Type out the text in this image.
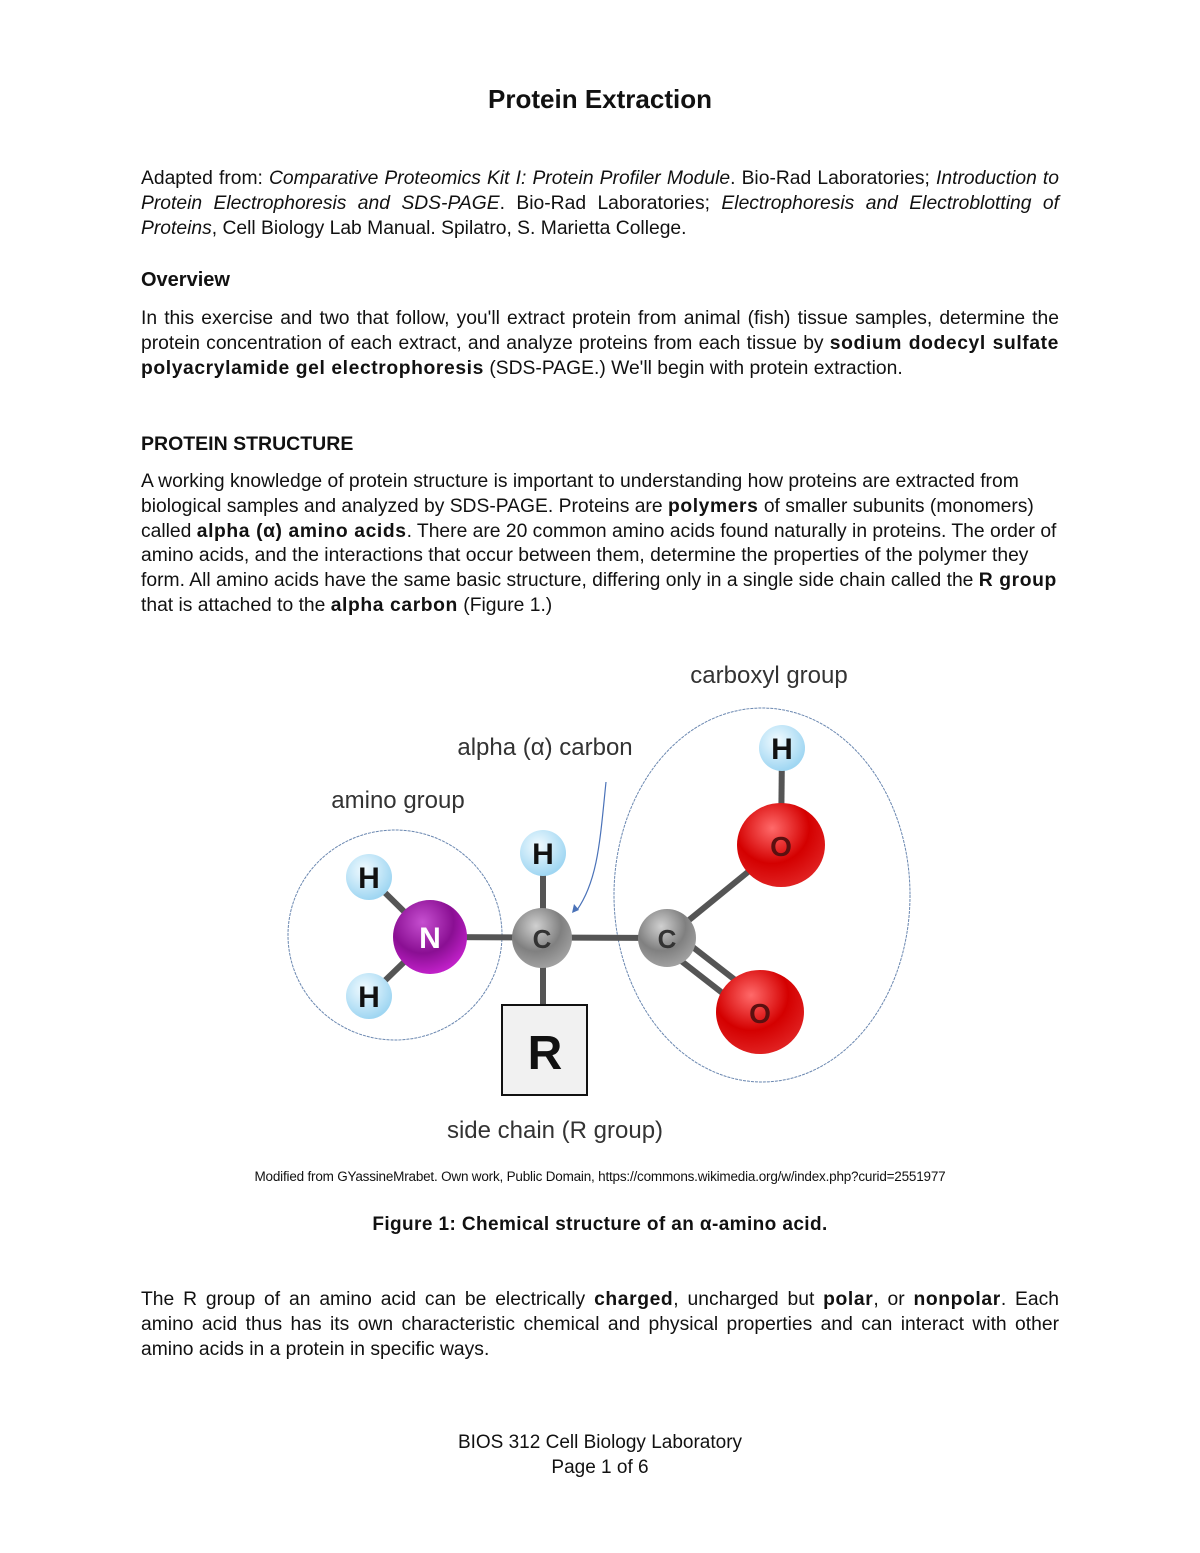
Protein Extraction
Adapted from: Comparative Proteomics Kit I: Protein Profiler Module. Bio-Rad Laboratories; Introduction to Protein Electrophoresis and SDS-PAGE. Bio-Rad Laboratories; Electrophoresis and Electroblotting of Proteins, Cell Biology Lab Manual. Spilatro, S. Marietta College.
Overview
In this exercise and two that follow, you'll extract protein from animal (fish) tissue samples, determine the protein concentration of each extract, and analyze proteins from each tissue by sodium dodecyl sulfate polyacrylamide gel electrophoresis (SDS-PAGE.) We'll begin with protein extraction.
PROTEIN STRUCTURE
A working knowledge of protein structure is important to understanding how proteins are extracted from biological samples and analyzed by SDS-PAGE. Proteins are polymers of smaller subunits (monomers) called alpha (α) amino acids. There are 20 common amino acids found naturally in proteins. The order of amino acids, and the interactions that occur between them, determine the properties of the polymer they form. All amino acids have the same basic structure, differing only in a single side chain called the R group that is attached to the alpha carbon (Figure 1.)
H
H
N
H
C	C
H
O
O
R
carboxyl group
alpha (α) carbon
amino group
side chain (R group)
Modified from GYassineMrabet. Own work, Public Domain, https://commons.wikimedia.org/w/index.php?curid=2551977
Figure 1: Chemical structure of an α-amino acid.
The R group of an amino acid can be electrically charged, uncharged but polar, or nonpolar. Each amino acid thus has its own characteristic chemical and physical properties and can interact with other amino acids in a protein in specific ways.
BIOS 312 Cell Biology Laboratory
Page 1 of 6
